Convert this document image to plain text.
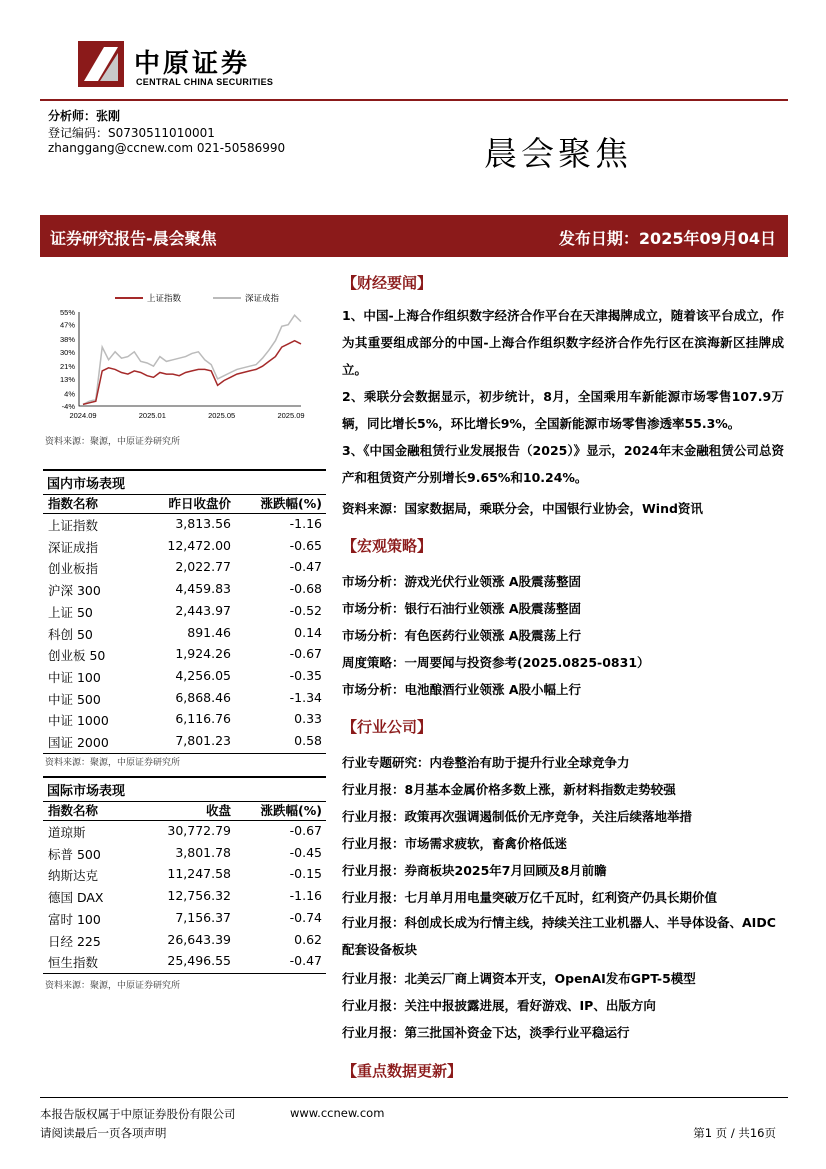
中原证券
CENTRAL CHINA SECURITIES
分析师：张刚
登记编码：S0730511010001
zhanggang@ccnew.com 021-50586990	晨会聚焦
证券研究报告-晨会聚焦	发布日期：2025年09月04日
上证指数	深证成指
55%
47%
38%
30%
21%
13%
4%
-4%
2024.09	2025.01	2025.05	2025.09
资料来源：聚源，中原证券研究所
国内市场表现
指数名称	昨日收盘价 涨跌幅(%)
上证指数	3,813.56	-1.16
深证成指	12,472.00	-0.65
创业板指	2,022.77	-0.47
沪深 300	4,459.83	-0.68
上证 50	2,443.97	-0.52
科创 50	891.46	0.14
创业板 50	1,924.26	-0.67
中证 100	4,256.05	-0.35
中证 500	6,868.46	-1.34
中证 1000	6,116.76	0.33
国证 2000	7,801.23	0.58
资料来源：聚源，中原证券研究所
国际市场表现
指数名称	收盘 涨跌幅(%)
道琼斯	30,772.79	-0.67
标普 500	3,801.78	-0.45
纳斯达克	11,247.58	-0.15
德国 DAX	12,756.32	-1.16
富时 100	7,156.37	-0.74
日经 225	26,643.39	0.62
恒生指数	25,496.55	-0.47
资料来源：聚源，中原证券研究所
【财经要闻】
1、中国-上海合作组织数字经济合作平台在天津揭牌成立，随着该平台成立，作为其重要组成部分的中国-上海合作组织数字经济合作先行区在滨海新区挂牌成立。
2、乘联分会数据显示，初步统计，8月，全国乘用车新能源市场零售107.9万辆，同比增长5%，环比增长9%，全国新能源市场零售渗透率55.3%。
3、《中国金融租赁行业发展报告（2025）》显示，2024年末金融租赁公司总资产和租赁资产分别增长9.65%和10.24%。
资料来源：国家数据局，乘联分会，中国银行业协会，Wind资讯
【宏观策略】
市场分析：游戏光伏行业领涨 A股震荡整固
市场分析：银行石油行业领涨 A股震荡整固
市场分析：有色医药行业领涨 A股震荡上行
周度策略：一周要闻与投资参考(2025.0825-0831）
市场分析：电池酿酒行业领涨 A股小幅上行
【行业公司】
行业专题研究：内卷整治有助于提升行业全球竞争力
行业月报：8月基本金属价格多数上涨，新材料指数走势较强
行业月报：政策再次强调遏制低价无序竞争，关注后续落地举措
行业月报：市场需求疲软，畜禽价格低迷
行业月报：券商板块2025年7月回顾及8月前瞻
行业月报：七月单月用电量突破万亿千瓦时，红利资产仍具长期价值
行业月报：科创成长成为行情主线，持续关注工业机器人、半导体设备、AIDC配套设备板块
行业月报：北美云厂商上调资本开支，OpenAI发布GPT-5模型
行业月报：关注中报披露进展，看好游戏、IP、出版方向
行业月报：第三批国补资金下达，淡季行业平稳运行
【重点数据更新】
本报告版权属于中原证券股份有限公司	www.ccnew.com
请阅读最后一页各项声明	第1 页 / 共16页
